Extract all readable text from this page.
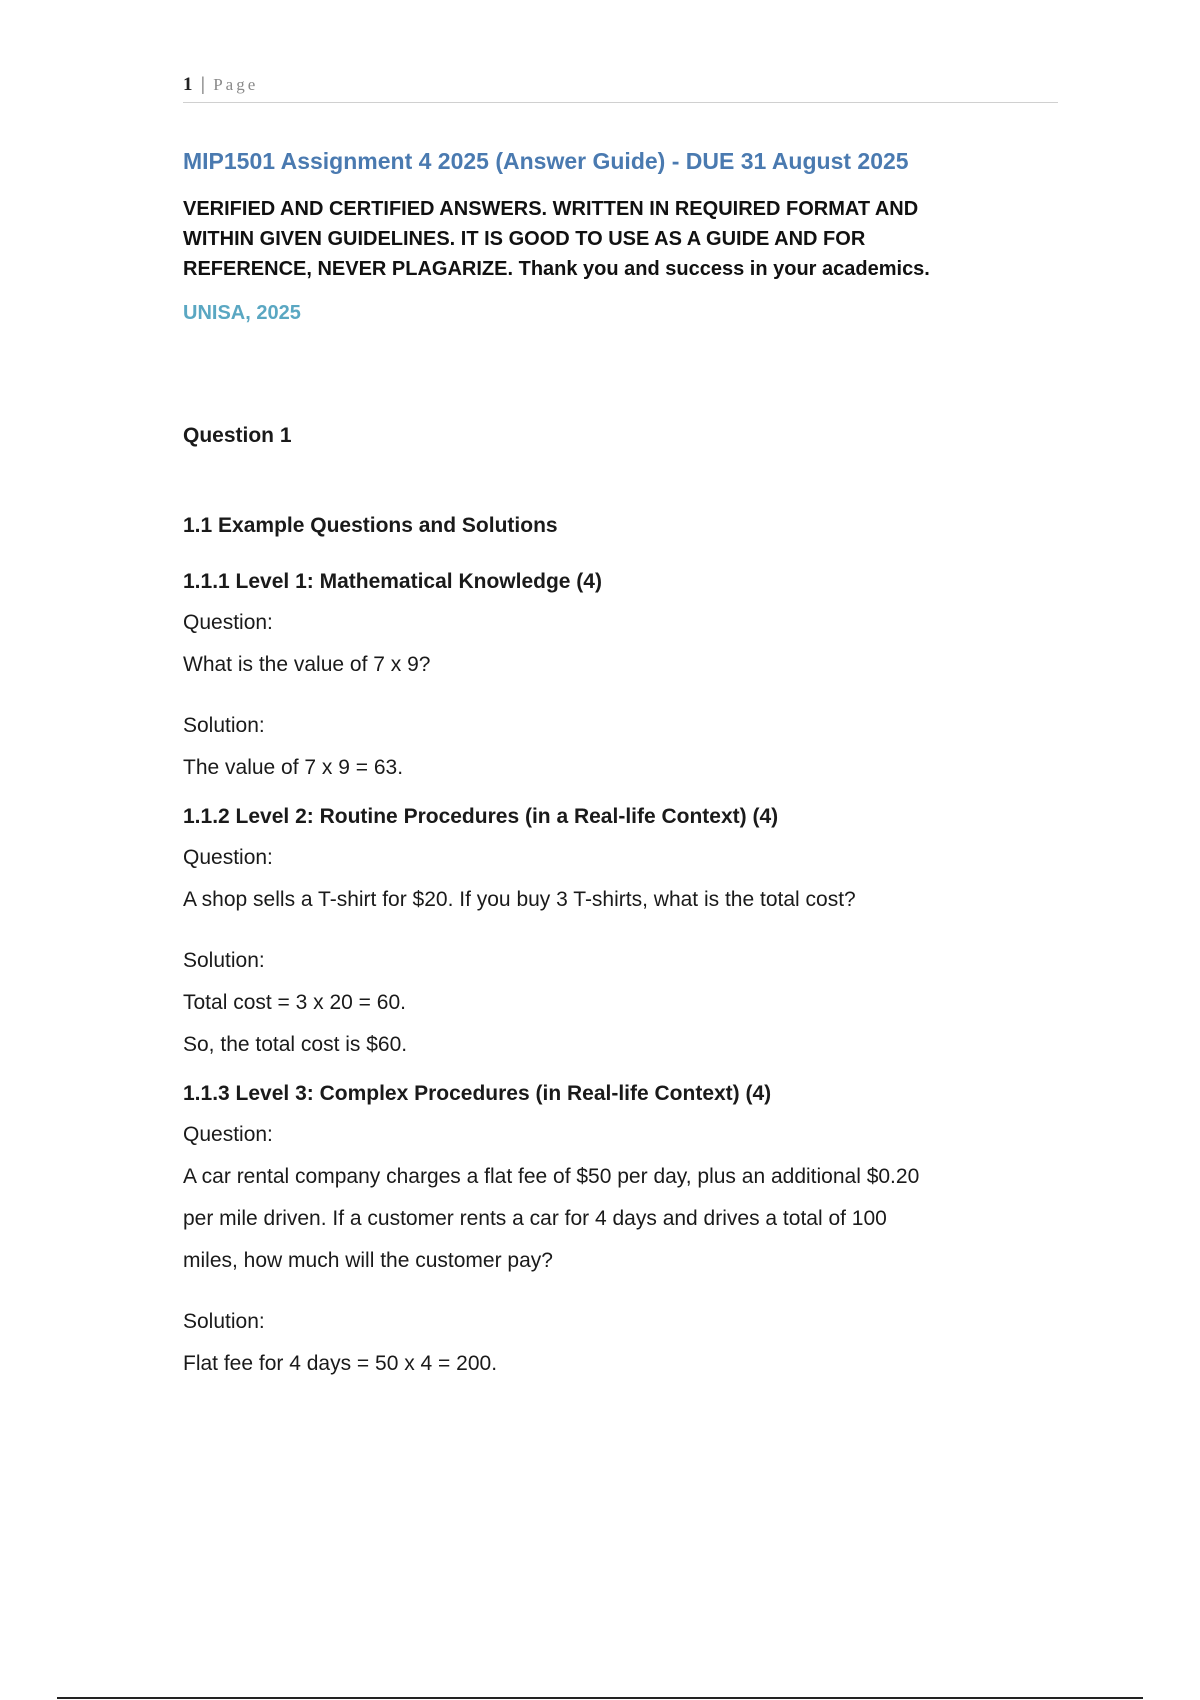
1 | Page
MIP1501 Assignment 4 2025 (Answer Guide) - DUE 31 August 2025

VERIFIED AND CERTIFIED ANSWERS. WRITTEN IN REQUIRED FORMAT AND

WITHIN GIVEN GUIDELINES. IT IS GOOD TO USE AS A GUIDE AND FOR

REFERENCE, NEVER PLAGARIZE. Thank you and success in your academics.

UNISA, 2025
Question 1
1.1 Example Questions and Solutions
1.1.1 Level 1: Mathematical Knowledge (4)
Question:
What is the value of 7 x 9?
Solution:
The value of 7 x 9 = 63.
1.1.2 Level 2: Routine Procedures (in a Real-life Context) (4)
Question:
A shop sells a T-shirt for $20. If you buy 3 T-shirts, what is the total cost?
Solution:
Total cost = 3 x 20 = 60.
So, the total cost is $60.
1.1.3 Level 3: Complex Procedures (in Real-life Context) (4)
Question:
A car rental company charges a flat fee of $50 per day, plus an additional $0.20
per mile driven. If a customer rents a car for 4 days and drives a total of 100
miles, how much will the customer pay?
Solution:
Flat fee for 4 days = 50 x 4 = 200.
